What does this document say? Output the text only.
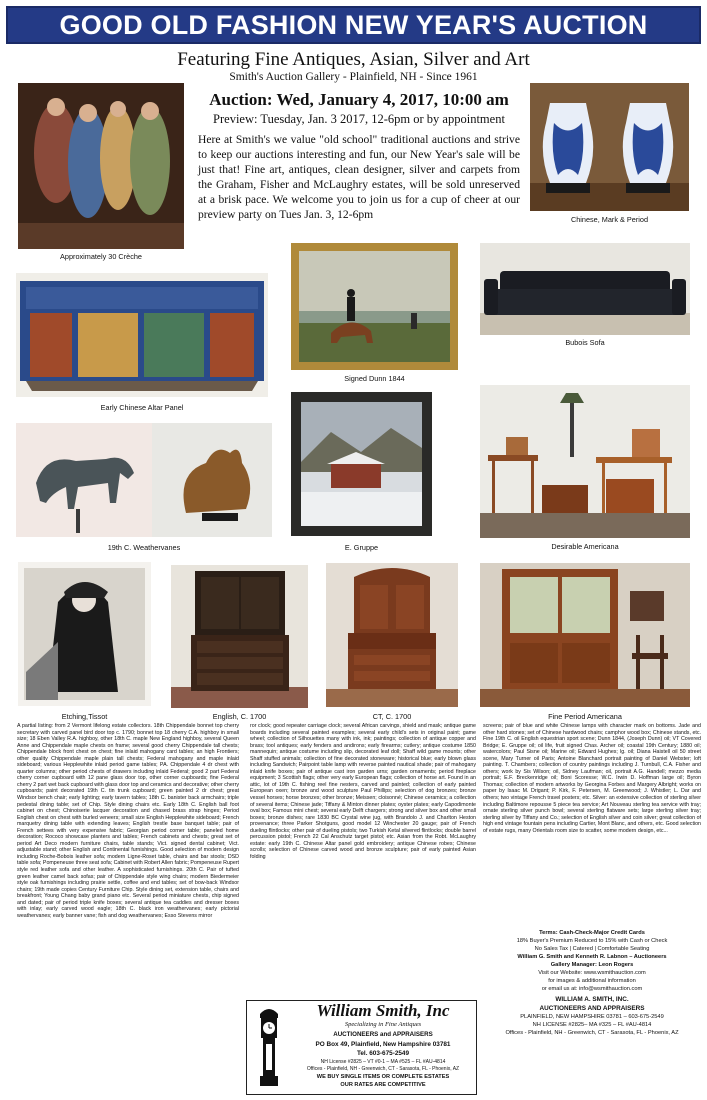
GOOD OLD FASHION NEW YEAR'S AUCTION
Featuring Fine Antiques, Asian, Silver and Art
Smith's Auction Gallery - Plainfield, NH - Since 1961
Auction: Wed, January 4, 2017, 10:00 am
Preview: Tuesday, Jan. 3 2017, 12-6pm or by appointment
Here at Smith's we value "old school" traditional auctions and strive to keep our auctions interesting and fun, our New Year's sale will be just that! Fine art, antiques, clean designer, silver and carpets from the Graham, Fisher and McLaughry estates, will be sold unreserved at a brisk pace. We welcome you to join us for a cup of cheer at our preview party on Tues Jan. 3, 12-6pm
Approximately 30 Crèche
Chinese, Mark & Period
Early Chinese Altar Panel
Signed Dunn 1844
Bubois Sofa
19th C. Weathervanes	E. Gruppe	Desirable Americana
Etching,Tissot	English, C. 1700	CT, C. 1700	Fine Period Americana
A partial listing: from 2 Vermont lifelong estate collectors. 18th Chippendale bonnet top cherry secretary with carved panel bird door top c. 1790; bonnet top 18 cherry C.A. highboy in small size; 18 Eben Valley R.A. highboy, other 18th C. maple New England highboy, several Queen Anne and Chippendale maple chests on frame; several good cherry Chippendale tall chests; Chippendale block front chest on chest; fine inlaid mahogany card tables; an high Frontiers; other quality Chippendale maple plain tall chests; Federal mahogany and maple inlaid sideboard; various Hepplewhite inlaid period game tables; PA. Chippendale 4 dr chest with quarter columns; other period chests of drawers including inlaid Federal; good 2 part Federal cherry corner cupboard with 12 pane glass door top, other corner cupboards; fine Federal cherry 2 part wet back cupboard with glass door top and ceramics and decorative; other cherry cupboards; paint decorated 19th C. tin trunk cupboard; green painted 2 dr chest; great Windsor bench chair; early lighting; early tavern tables; 18th C. banister back armchairs; triple pedestal dining table; set of Chip. Style dining chairs etc. Early 18th C. English ball foot cabinet on chest; Chinoiserie lacquer decoration and chased brass strap hinges; Period English chest on chest with burled veneers; small size English Hepplewhite sideboard; French marquetry dining table with extending leaves; English trestle base banquet table; pair of French settees with very expensive fabric; Georgian period corner table; paneled home decoration; Rococo showcase planters and tables; French cabinets and chests; great set of period Art Deco modern furniture chairs, table stands; Vict. signed dental cabinet; Vict. adjustable stand; other English and Continental furnishings. Good selection of modern design including Roche-Bobois leather sofa; modern Ligne-Roset table, chairs and bar stools; DSD table sofa; Pompeneuse three seat sofa; Cabinet with Robert Allen fabric; Pompeneuse Rupert style red leather sofa and other leather. A sophisticated furnishings. 20th C. Pair of tufted green leather camel back sofas; pair of Chippendale style wing chairs; modern Biedermeier style oak furnishings including prairie settle, coffee and end tables; set of bow-back Windsor chairs; 19th made copies Century Furniture Chip. Style dining set, extension table, chairs and breakfront; Young Chang baby grand piano etc. Several period miniature chests, chip signed and dated; pair of period triple knife boxes; several antique tea caddies and dresser boxes with inlay; early carved wood eagle; 18th C. black iron weathervanes; early pictorial weathervanes; early banner vane; fish and dog weathervanes; Esso Stevens mirror
ror clock; good repeater carriage clock; several African carvings, shield and mask; antique game boards including several painted examples; several early child's sets in original paint; game wheel; collection of Silhouettes many with ink, ink; paintings; collection of antique copper and brass; tool antiques; early fenders and andirons; early firearms; cutlery; antique costume 1850 mannequin; antique costume including slip, decorated leaf doll; Shaff wild game mounts; other Shaff stuffed animals; collection of fine decorated stoneware; historical blue; early blown glass including Sandwich; Pairpoint table lamp with reverse painted nautical shade; pair of mahogany inlaid knife boxes; pair of antique cast iron garden urns; garden ornaments; period fireplace equipment; 3 Scottish flags; other very early European flags; collection of horse art. Found in an attic, lot of 19th C. fishing reel fine nesters, carved and painted; collection of early painted European oxen; bronze and wood sculpture Paul Phillips; selection of dog bronzes; bronze vessel horses; horse bronzes; other bronze; Meissen; cloisonné; Chinese ceramics; a collection of several items; Chinese jade; Tiffany & Minton dinner plates; oyster plates; early Capodimonte oval box; Famous mini chest; several early Delft chargers; strong and silver box and other small boxes; bronze dishes; rare 1830 BC Crystal wine jug, with Brandolo J. and Charlton Heston provenance; three Parker Shotguns, good model 12 Winchester 20 gauge; pair of French dueling flintlocks; other pair of dueling pistols; two Turkish Ketal silvered flintlocks; double barrel percussion pistol; French 22 Cal Anschutz target pistol; etc. Asian from the Robt. McLaughry estate: early 19th C. Chinese Altar panel gold embroidery; antique Chinese robes; Chinese scrolls; selection of Chinese carved wood and bronze sculpture; pair of early painted Asian folding
screens; pair of blue and white Chinese lamps with character mark on bottoms. Jade and other hard stones; set of Chinese hardwood chairs; camphor wood box; Chinese stands, etc. Fine 19th C. oil English equestrian sport scene; Dunn 1844, (Joseph Dunn) oil; VT Covered Bridge; E. Gruppe oil; oil life, fruit signed Chas. Archer oil; coastal 19th Century; 1880 oil; watercolors; Paul Sisne oil; Marine oil; Edward Hughes; lg. oil; Diana Haistell oil 50 street scene, Mary Turner oil Paris; Antoine Blanchard portrait painting of Daniel Webster; loft painting. T. Chambers; collection of country paintings including J. Turnbull, C.A. Fisher and others; work by Sis Wilson; oil, Sidney Laufman; oil, portrait A.G. Handell; mezzo media portrait; E.F. Breckenridge oil; Boni Scoresse; W.C. Irwin D. Hoffman large oil; Byron Thomas; collection of modern artworks by Georgina Forbes and Margery Albright; works on paper by Isaac M. Drigant; P. Kirk, F. Petersen, M. Greenwood; J. Whistler; L. Dar and others; two vintage French travel posters; etc. Silver: an extensive collection of sterling silver including Baltimore repousse 5 piece tea service; Art Nouveau sterling tea service with tray; ornate sterling silver punch bowl; several sterling flatware sets; large sterling silver tray; sterling silver by Tiffany and Co.; selection of English silver and coin silver; great collection of high end vintage fountain pens including Cartier, Mont Blanc, and others, etc. Good selection of estate rugs, many Orientals room size to scatter, some modern design, etc...
Terms: Cash-Check-Major Credit Cards
18% Buyer's Premium Reduced to 15% with Cash or Check
No Sales Tax | Catered | Comfortable Seating
William G. Smith and Kenneth R. Labnon – Auctioneers
Gallery Manager: Leon Rogers
Visit our Website: www.wsmithauction.com
for images & additional information
or email us at: info@wsmithauction.com
WILLIAM A. SMITH, INC.
AUCTIONEERS AND APPRAISERS
PLAINFIELD, NEW HAMPSHIRE 03781 – 603-675-2549
NH LICENSE #2825– MA #325 – FL #AU-4814
Offices - Plainfield, NH - Greenwich, CT - Sarasota, FL - Phoenix, AZ
William Smith, Inc
Specializing in Fine Antiques
AUCTIONEERS and APPRAISERS
PO Box 49, Plainfield, New Hampshire 03781
Tel. 603-675-2549
NH License #2825 – VT #0-1 – MA #525 – FL #AU-4814
Offices - Plainfield, NH - Greenwich, CT - Sarasota, FL - Phoenix, AZ
WE BUY SINGLE ITEMS OR COMPLETE ESTATES
OUR RATES ARE COMPETITIVE
